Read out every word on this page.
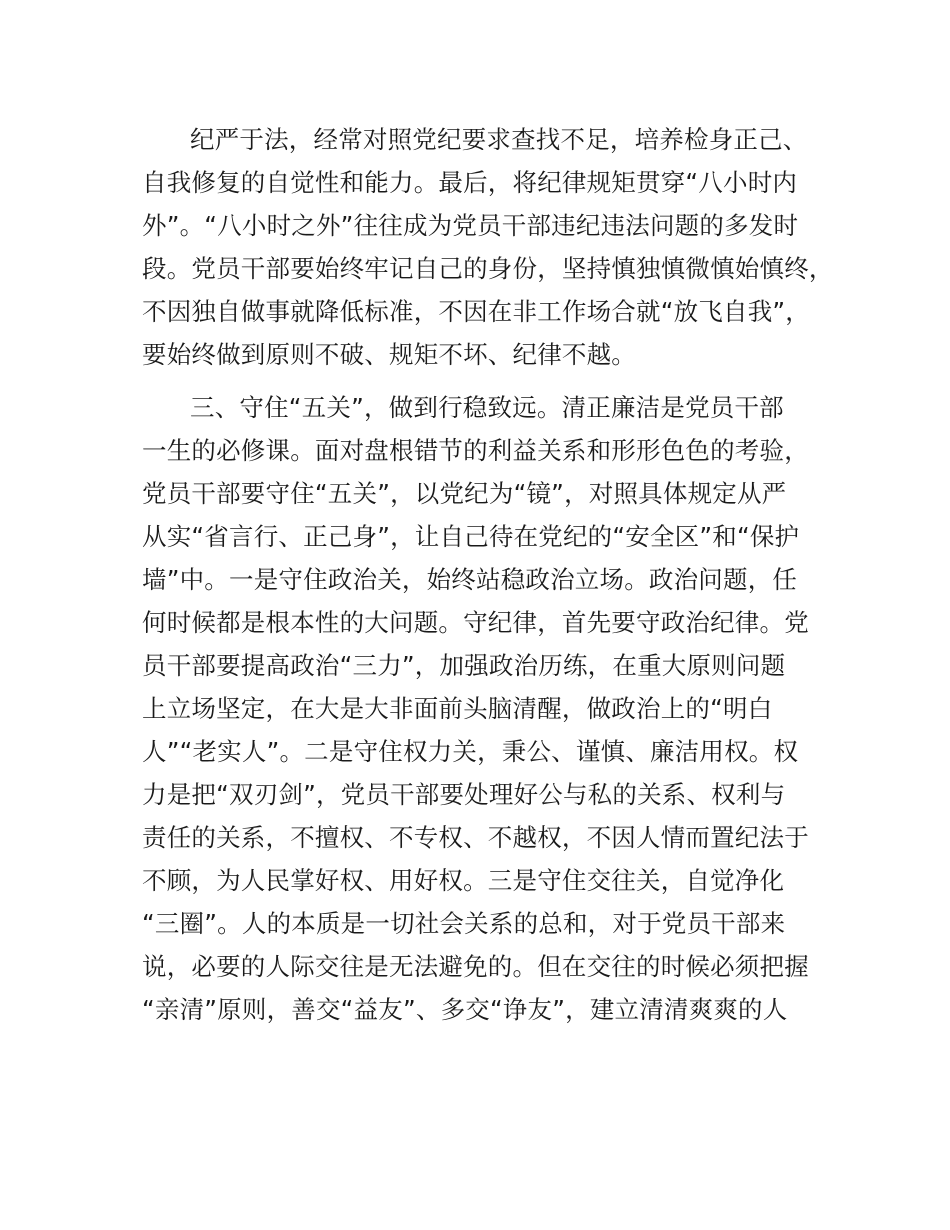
纪严于法，经常对照党纪要求查找不足，培养检身正己、
自我修复的自觉性和能力。最后，将纪律规矩贯穿“八小时内
外”。“八小时之外”往往成为党员干部违纪违法问题的多发时
段。党员干部要始终牢记自己的身份，坚持慎独慎微慎始慎终，
不因独自做事就降低标准，不因在非工作场合就“放飞自我”，
要始终做到原则不破、规矩不坏、纪律不越。
三、守住“五关”，做到行稳致远。清正廉洁是党员干部
一生的必修课。面对盘根错节的利益关系和形形色色的考验，
党员干部要守住“五关”，以党纪为“镜”，对照具体规定从严
从实“省言行、正己身”，让自己待在党纪的“安全区”和“保护
墙”中。一是守住政治关，始终站稳政治立场。政治问题，任
何时候都是根本性的大问题。守纪律，首先要守政治纪律。党
员干部要提高政治“三力”，加强政治历练，在重大原则问题
上立场坚定，在大是大非面前头脑清醒，做政治上的“明白
人”“老实人”。二是守住权力关，秉公、谨慎、廉洁用权。权
力是把“双刃剑”，党员干部要处理好公与私的关系、权利与
责任的关系，不擅权、不专权、不越权，不因人情而置纪法于
不顾，为人民掌好权、用好权。三是守住交往关，自觉净化
“三圈”。人的本质是一切社会关系的总和，对于党员干部来
说，必要的人际交往是无法避免的。但在交往的时候必须把握
“亲清”原则，善交“益友”、多交“诤友”，建立清清爽爽的人
